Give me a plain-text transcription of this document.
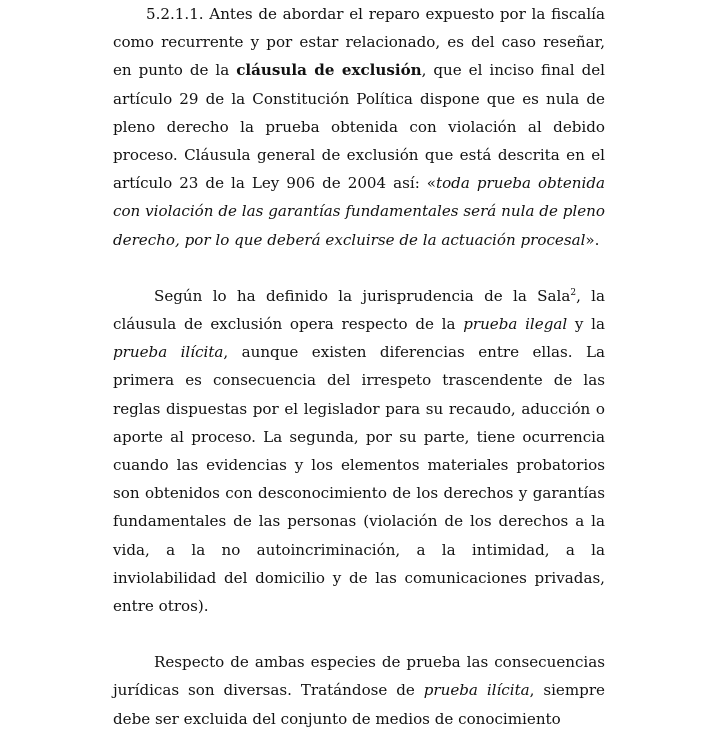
5.2.1.1. Antes de abordar el reparo expuesto por la fiscalía como recurrente y por estar relacionado, es del caso reseñar, en punto de la cláusula de exclusión, que el inciso final del artículo 29 de la Constitución Política dispone que es nula de pleno derecho la prueba obtenida con violación al debido proceso. Cláusula general de exclusión que está descrita en el artículo 23 de la Ley 906 de 2004 así: «toda prueba obtenida con violación de las garantías fundamentales será nula de pleno derecho, por lo que deberá excluirse de la actuación procesal».

Según lo ha definido la jurisprudencia de la Sala$^2$, la cláusula de exclusión opera respecto de la prueba ilegal y la prueba ilícita, aunque existen diferencias entre ellas. La primera es consecuencia del irrespeto trascendente de las reglas dispuestas por el legislador para su recaudo, aducción o aporte al proceso. La segunda, por su parte, tiene ocurrencia cuando las evidencias y los elementos materiales probatorios son obtenidos con desconocimiento de los derechos y garantías fundamentales de las personas (violación de los derechos a la vida, a la no autoincriminación, a la intimidad, a la inviolabilidad del domicilio y de las comunicaciones privadas, entre otros).

Respecto de ambas especies de prueba las consecuencias jurídicas son diversas. Tratándose de prueba ilícita, siempre debe ser excluida del conjunto de medios de conocimiento
